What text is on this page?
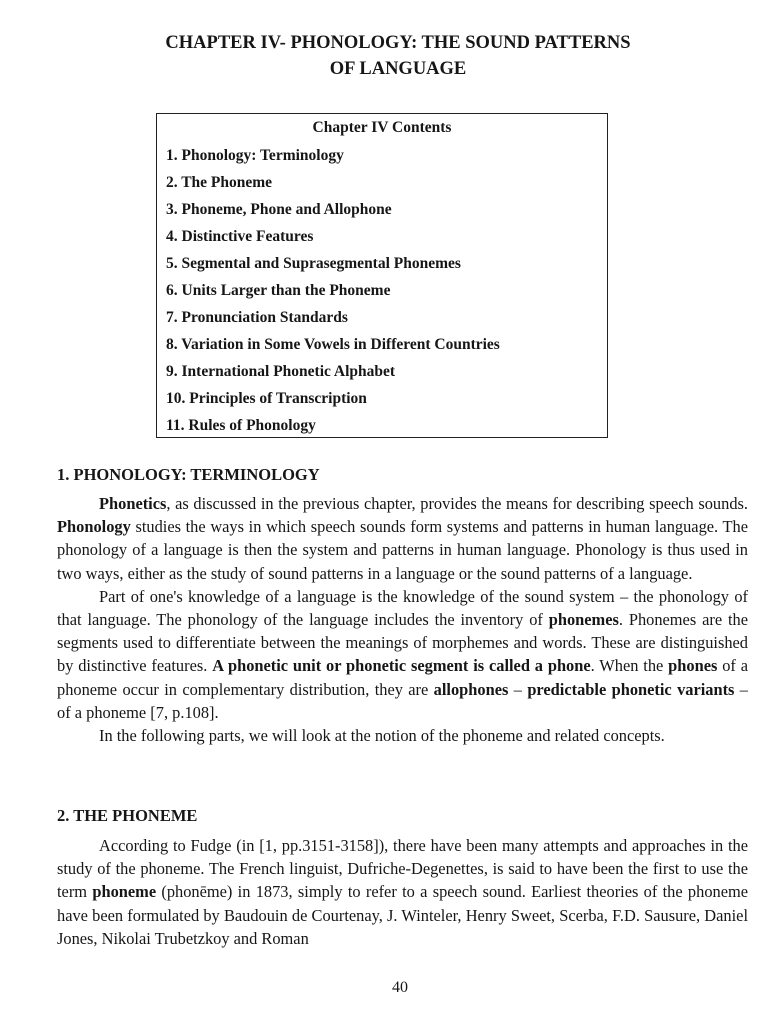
CHAPTER IV- PHONOLOGY: THE SOUND PATTERNS
OF LANGUAGE
Chapter IV Contents
1. Phonology: Terminology
2. The Phoneme
3. Phoneme, Phone and Allophone
4. Distinctive Features
5. Segmental and Suprasegmental Phonemes
6. Units Larger than the Phoneme
7. Pronunciation Standards
8. Variation in Some Vowels in Different Countries
9. International Phonetic Alphabet
10. Principles of Transcription
11. Rules of Phonology
1. PHONOLOGY: TERMINOLOGY

Phonetics, as discussed in the previous chapter, provides the means for describing speech sounds. Phonology studies the ways in which speech sounds form systems and patterns in human language. The phonology of a language is then the system and patterns in human language. Phonology is thus used in two ways, either as the study of sound patterns in a language or the sound patterns of a language.

Part of one's knowledge of a language is the knowledge of the sound system – the phonology of that language. The phonology of the language includes the inventory of phonemes. Phonemes are the segments used to differentiate between the meanings of morphemes and words. These are distinguished by distinctive features. A phonetic unit or phonetic segment is called a phone. When the phones of a phoneme occur in complementary distribution, they are allophones – predictable phonetic variants – of a phoneme [7, p.108].

In the following parts, we will look at the notion of the phoneme and related concepts.

2. THE PHONEME

According to Fudge (in [1, pp.3151-3158]), there have been many attempts and approaches in the study of the phoneme. The French linguist, Dufriche-Degenettes, is said to have been the first to use the term phoneme (phonēme) in 1873, simply to refer to a speech sound. Earliest theories of the phoneme have been formulated by Baudouin de Courtenay, J. Winteler, Henry Sweet, Scerba, F.D. Sausure, Daniel Jones, Nikolai Trubetzkoy and Roman

40
